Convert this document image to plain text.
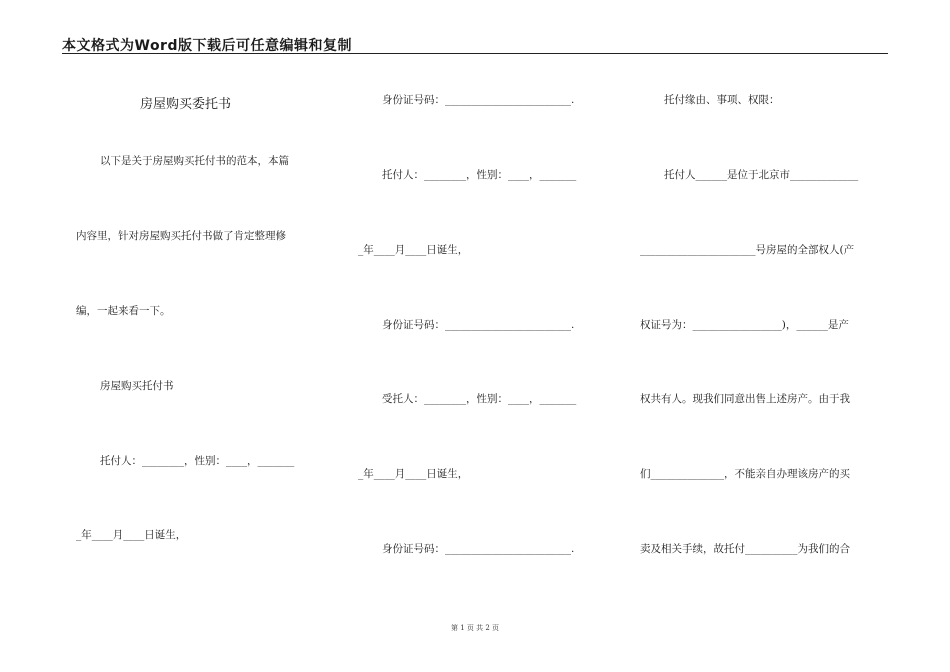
本文格式为Word版下载后可任意编辑和复制
房屋购买委托书
以下是关于房屋购买托付书的范本，本篇
内容里，针对房屋购买托付书做了肯定整理修
编，一起来看一下。
房屋购买托付书
托付人：________，性别：____，_______
_年____月____日诞生，
身份证号码：________________________.
托付人：________，性别：____，_______
_年____月____日诞生，
身份证号码：________________________.
受托人：________，性别：____，_______
_年____月____日诞生，
身份证号码：________________________.
托付缘由、事项、权限：
托付人______是位于北京市_____________
______________________号房屋的全部权人(产
权证号为：_________________)，______是产
权共有人。现我们同意出售上述房产。由于我
们______________，不能亲自办理该房产的买
卖及相关手续，故托付__________为我们的合
第 1 页 共 2 页
